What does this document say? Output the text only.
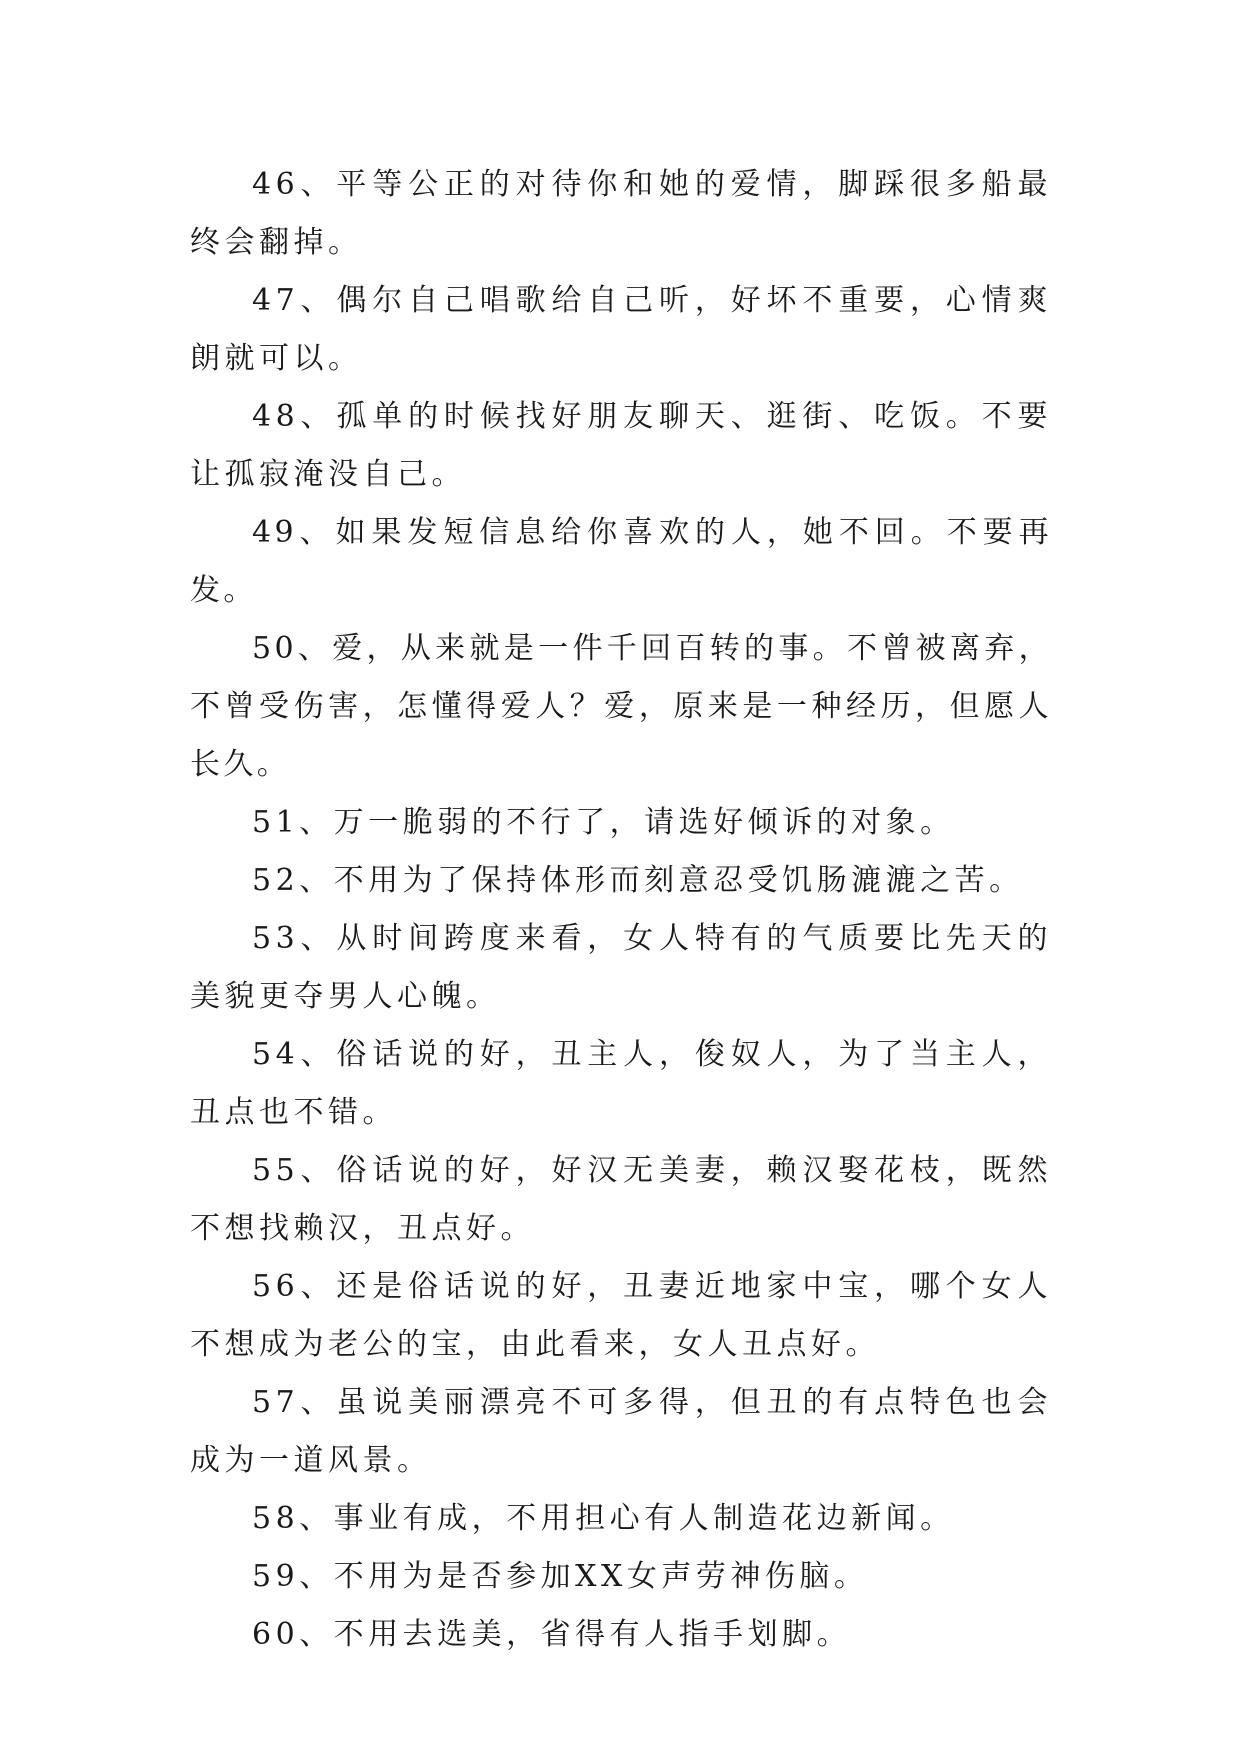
46、平等公正的对待你和她的爱情，脚踩很多船最终会翻掉。

47、偶尔自己唱歌给自己听，好坏不重要，心情爽朗就可以。

48、孤单的时候找好朋友聊天、逛街、吃饭。不要让孤寂淹没自己。

49、如果发短信息给你喜欢的人，她不回。不要再发。

50、爱，从来就是一件千回百转的事。不曾被离弃，不曾受伤害，怎懂得爱人？爱，原来是一种经历，但愿人长久。

51、万一脆弱的不行了，请选好倾诉的对象。

52、不用为了保持体形而刻意忍受饥肠漉漉之苦。

53、从时间跨度来看，女人特有的气质要比先天的美貌更夺男人心魄。

54、俗话说的好，丑主人，俊奴人，为了当主人，丑点也不错。

55、俗话说的好，好汉无美妻，赖汉娶花枝，既然不想找赖汉，丑点好。

56、还是俗话说的好，丑妻近地家中宝，哪个女人不想成为老公的宝，由此看来，女人丑点好。

57、虽说美丽漂亮不可多得，但丑的有点特色也会成为一道风景。

58、事业有成，不用担心有人制造花边新闻。

59、不用为是否参加XX女声劳神伤脑。

60、不用去选美，省得有人指手划脚。
